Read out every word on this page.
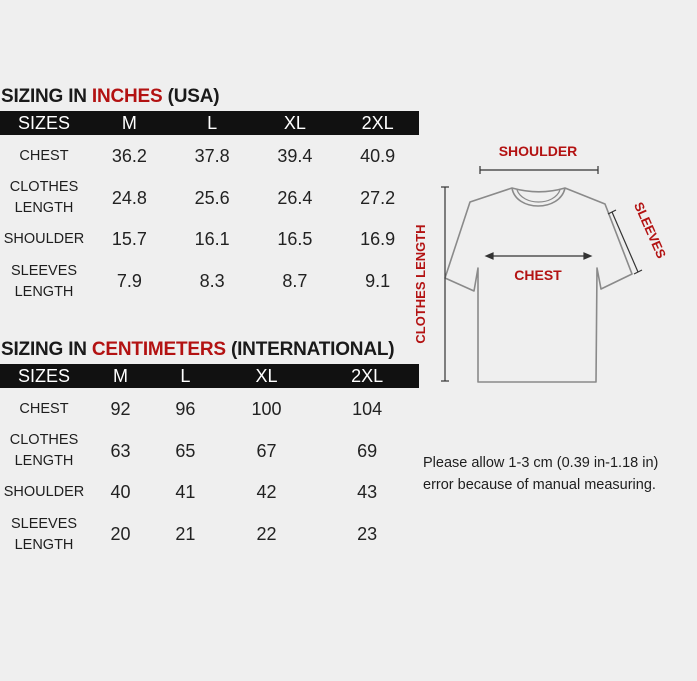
SIZING IN INCHES (USA)
SIZES	M	L	XL	2XL
CHEST	36.2	37.8	39.4	40.9
CLOTHES
LENGTH	24.8	25.6	26.4	27.2
SHOULDER	15.7	16.1	16.5	16.9
SLEEVES
LENGTH	7.9	8.3	8.7	9.1
SIZING IN CENTIMETERS (INTERNATIONAL)
SIZES	M	L	XL	2XL
CHEST	92	96	100	104
CLOTHES
LENGTH	63	65	67	69
SHOULDER	40	41	42	43
SLEEVES
LENGTH	20	21	22	23
SHOULDER
CHEST
SLEEVES
CLOTHES LENGTH
Please allow 1-3 cm (0.39 in-1.18 in)
error because of manual measuring.
